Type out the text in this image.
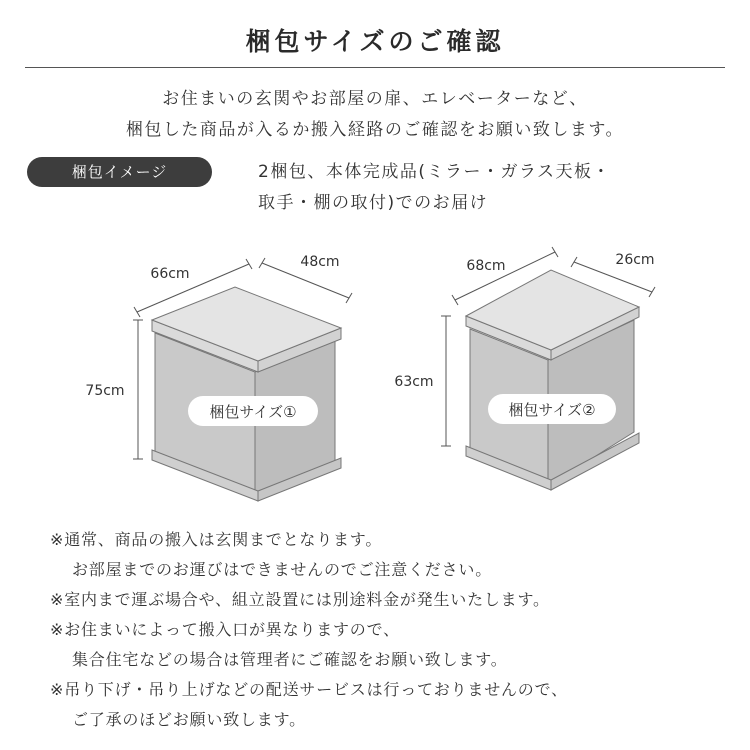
梱包サイズのご確認
お住まいの玄関やお部屋の扉、エレベーターなど、
梱包した商品が入るか搬入経路のご確認をお願い致します。
梱包イメージ	2梱包、本体完成品(ミラー・ガラス天板・
取手・棚の取付)でのお届け
梱包サイズ①
66cm
48cm
75cm
梱包サイズ②
68cm	26cm
63cm
※通常、商品の搬入は玄関までとなります。
お部屋までのお運びはできませんのでご注意ください。
※室内まで運ぶ場合や、組立設置には別途料金が発生いたします。
※お住まいによって搬入口が異なりますので、
集合住宅などの場合は管理者にご確認をお願い致します。
※吊り下げ・吊り上げなどの配送サービスは行っておりませんので、
ご了承のほどお願い致します。
